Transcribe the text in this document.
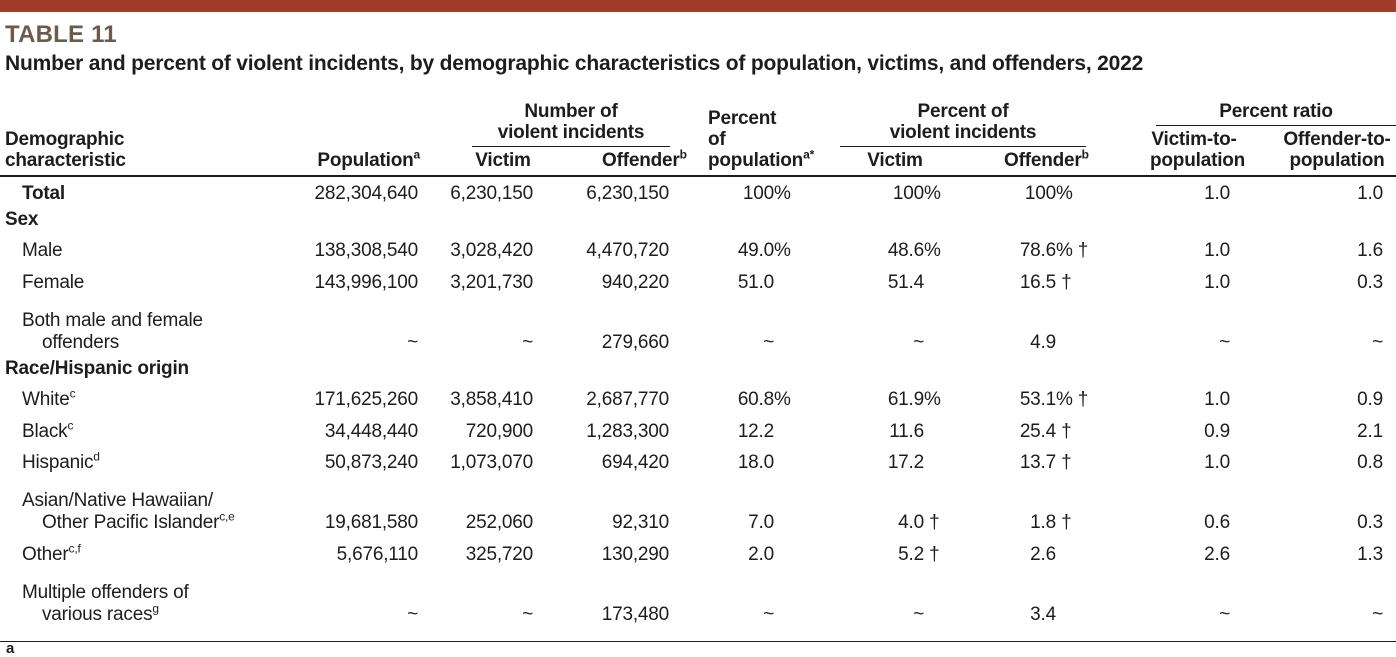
TABLE 11
Number and percent of violent incidents, by demographic characteristics of population, victims, and offenders, 2022
Demographic
characteristic	Population$^a$
Number of
violent incidents
Victim	Offender$^b$
Percent of
population$^{a*}$
Percent of
violent incidents
Victim	Offender$^b$
Percent ratio
Victim-to-
population
Offender-to-
population
Total	282,304,640	6,230,150	6,230,150	100 %	100 %	100 %	1.0	1.0
Sex
Male	138,308,540	3,028,420	4,470,720	49.0 %	48.6 %	78.6 % †	1.0	1.6
Female	143,996,100	3,201,730	940,220	51.0	51.4	16.5 †	1.0	0.3
Both male and female
offenders	~	~	279,660	~	~	4.9	~	~
Race/Hispanic origin
White$^c$	171,625,260	3,858,410	2,687,770	60.8 %	61.9 %	53.1 % †	1.0	0.9
Black$^c$	34,448,440	720,900	1,283,300	12.2	11.6	25.4 †	0.9	2.1
Hispanic$^d$	50,873,240	1,073,070	694,420	18.0	17.2	13.7 †	1.0	0.8
Asian/Native Hawaiian/
Other Pacific Islander$^{c,e}$	19,681,580	252,060	92,310	7.0	4.0 †	1.8 †	0.6	0.3
Other$^{c,f}$	5,676,110	325,720	130,290	2.0	5.2 †	2.6	2.6	1.3
Multiple offenders of
various races$^g$	~	~	173,480	~	~	3.4	~	~
a
